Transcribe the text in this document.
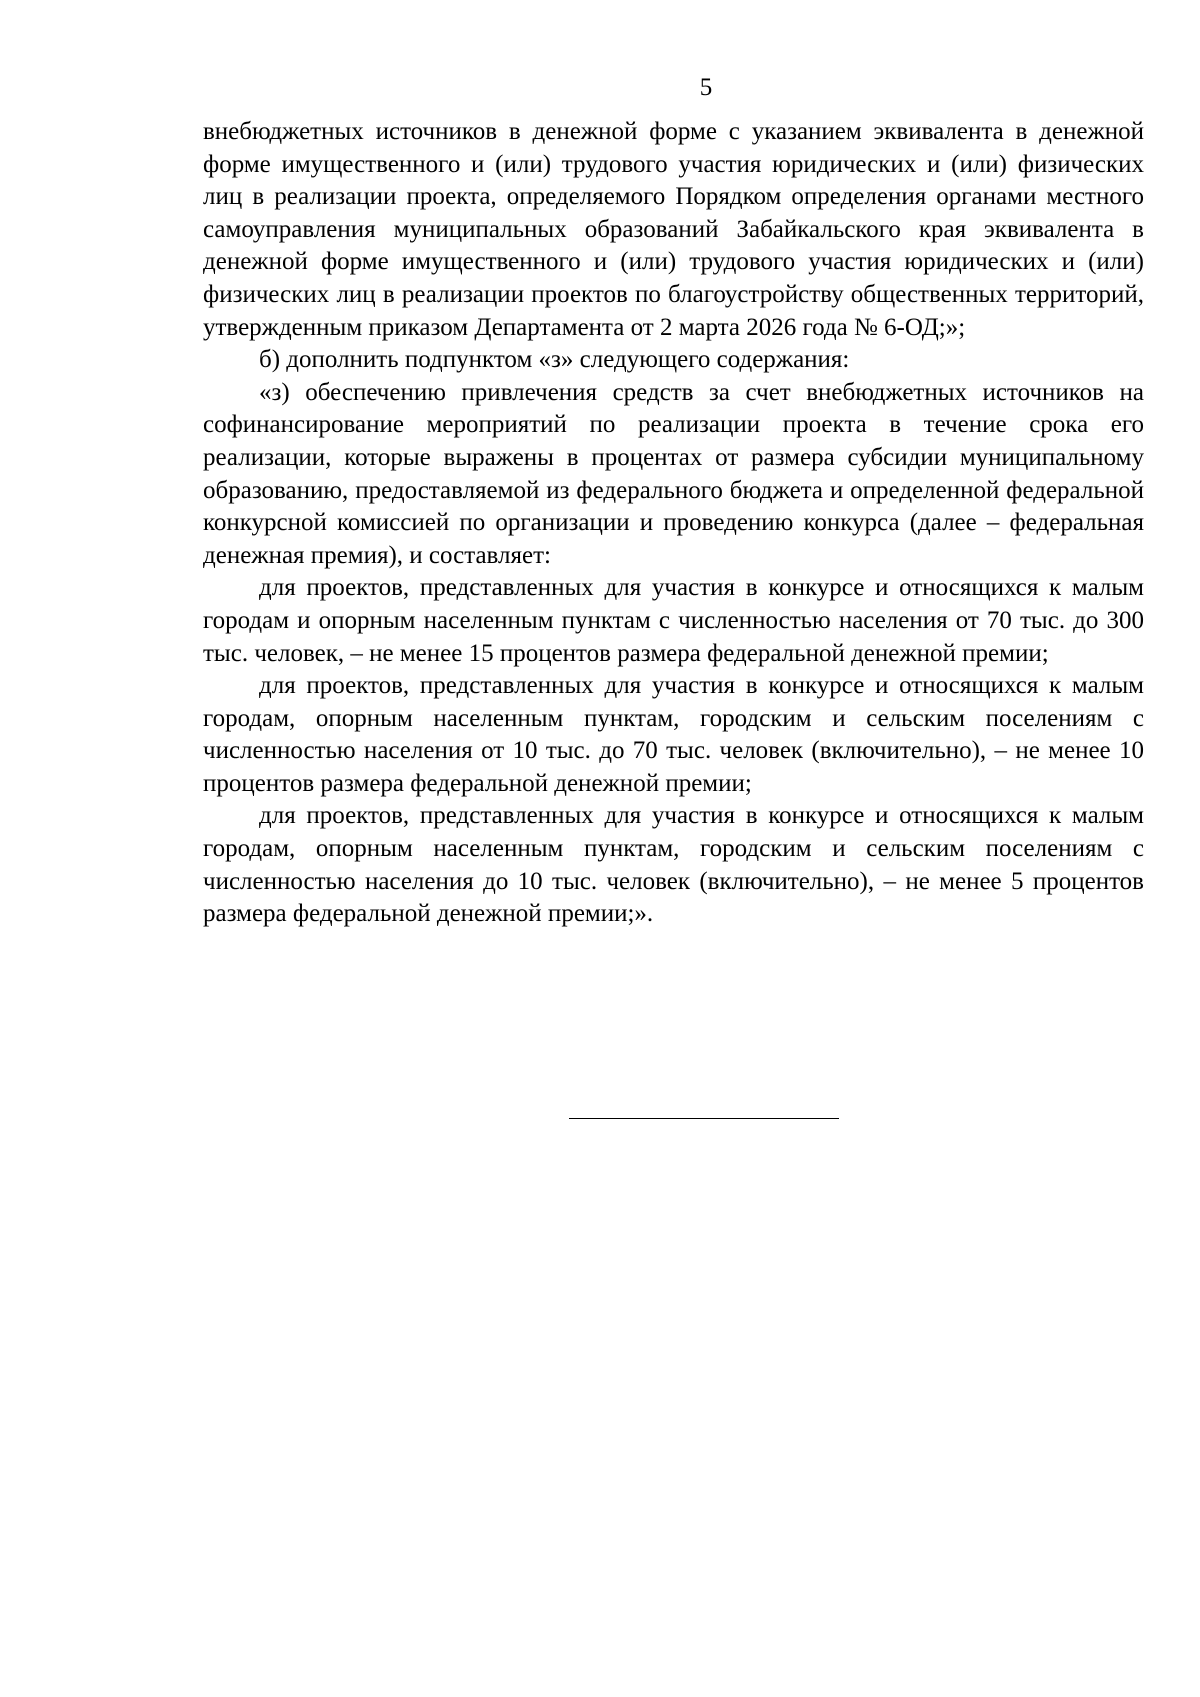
5

внебюджетных источников в денежной форме с указанием эквивалента в денежной форме имущественного и (или) трудового участия юридических и (или) физических лиц в реализации проекта, определяемого Порядком определения органами местного самоуправления муниципальных образований Забайкальского края эквивалента в денежной форме имущественного и (или) трудового участия юридических и (или) физических лиц в реализации проектов по благоустройству общественных территорий, утвержденным приказом Департамента от 2 марта 2026 года № 6-ОД;»;

б) дополнить подпунктом «з» следующего содержания:

«з) обеспечению привлечения средств за счет внебюджетных источников на софинансирование мероприятий по реализации проекта в течение срока его реализации, которые выражены в процентах от размера субсидии муниципальному образованию, предоставляемой из федерального бюджета и определенной федеральной конкурсной комиссией по организации и проведению конкурса (далее – федеральная денежная премия), и составляет:

для проектов, представленных для участия в конкурсе и относящихся к малым городам и опорным населенным пунктам с численностью населения от 70 тыс. до 300 тыс. человек, – не менее 15 процентов размера федеральной денежной премии;

для проектов, представленных для участия в конкурсе и относящихся к малым городам, опорным населенным пунктам, городским и сельским поселениям с численностью населения от 10 тыс. до 70 тыс. человек (включительно), – не менее 10 процентов размера федеральной денежной премии;

для проектов, представленных для участия в конкурсе и относящихся к малым городам, опорным населенным пунктам, городским и сельским поселениям с численностью населения до 10 тыс. человек (включительно), – не менее 5 процентов размера федеральной денежной премии;».
